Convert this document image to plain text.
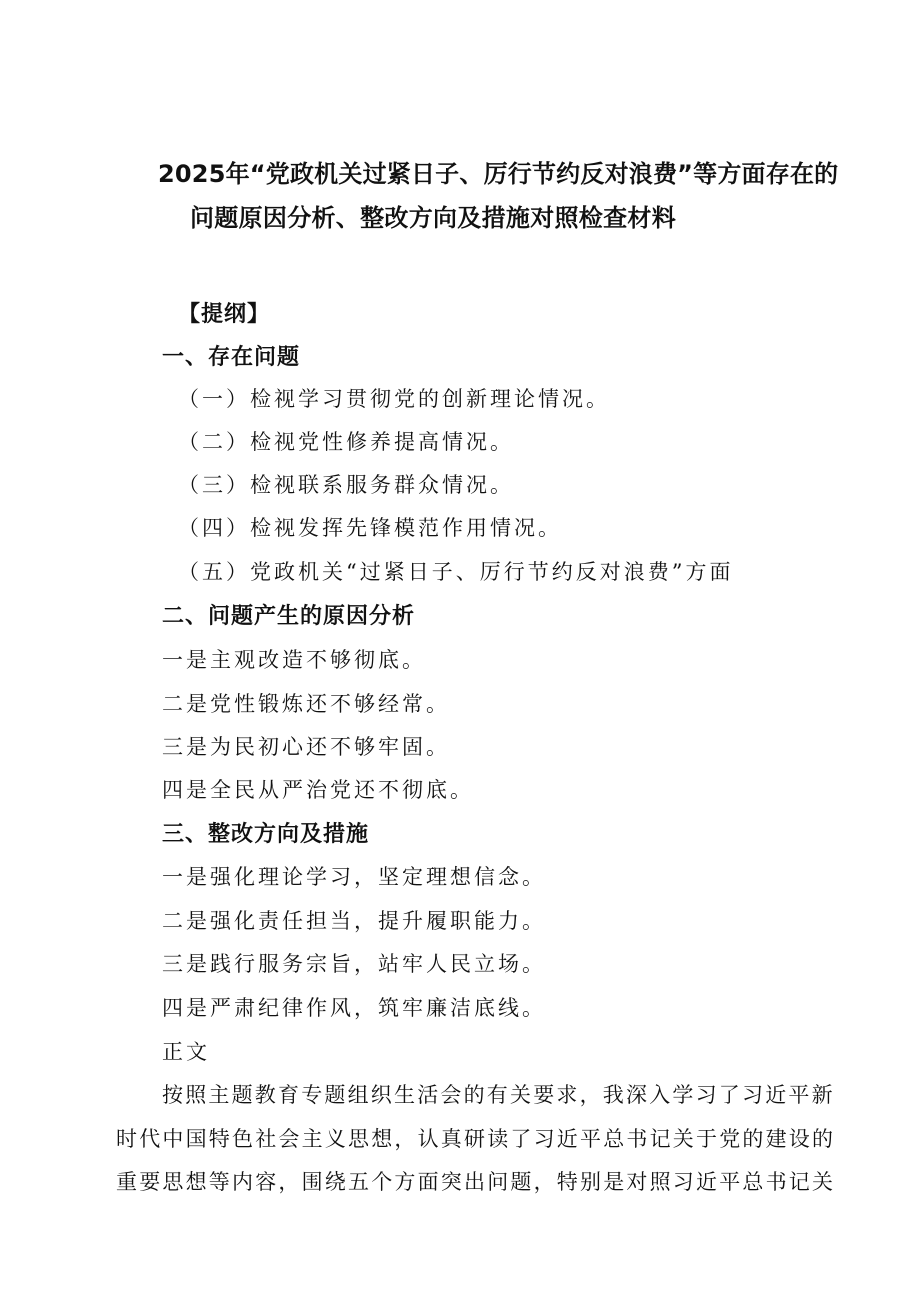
2025年“党政机关过紧日子、厉行节约反对浪费”等方面存在的
问题原因分析、整改方向及措施对照检查材料
【提纲】
一、存在问题
（一）检视学习贯彻党的创新理论情况。
（二）检视党性修养提高情况。
（三）检视联系服务群众情况。
（四）检视发挥先锋模范作用情况。
（五）党政机关“过紧日子、厉行节约反对浪费”方面
二、问题产生的原因分析
一是主观改造不够彻底。
二是党性锻炼还不够经常。
三是为民初心还不够牢固。
四是全民从严治党还不彻底。
三、整改方向及措施
一是强化理论学习，坚定理想信念。
二是强化责任担当，提升履职能力。
三是践行服务宗旨，站牢人民立场。
四是严肃纪律作风，筑牢廉洁底线。
正文
按照主题教育专题组织生活会的有关要求，我深入学习了习近平新
时代中国特色社会主义思想，认真研读了习近平总书记关于党的建设的
重要思想等内容，围绕五个方面突出问题，特别是对照习近平总书记关
